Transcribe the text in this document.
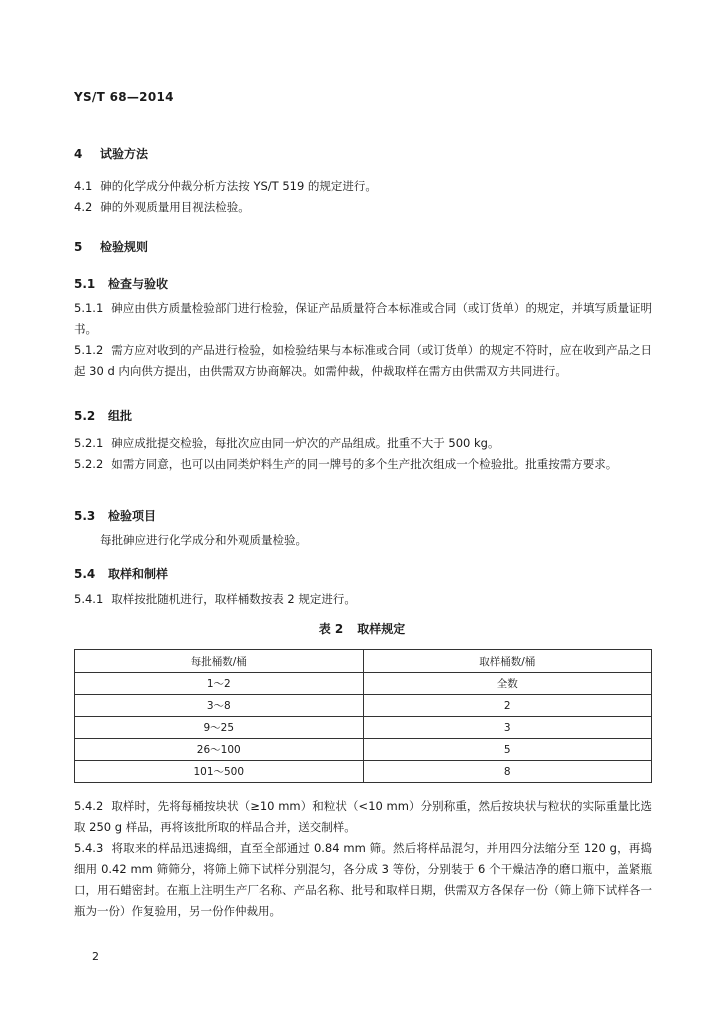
YS/T 68—2014
4 试验方法
4.1 砷的化学成分仲裁分析方法按 YS/T 519 的规定进行。
4.2 砷的外观质量用目视法检验。
5 检验规则
5.1 检查与验收
5.1.1 砷应由供方质量检验部门进行检验，保证产品质量符合本标准或合同（或订货单）的规定，并填写质量证明书。
5.1.2 需方应对收到的产品进行检验，如检验结果与本标准或合同（或订货单）的规定不符时，应在收到产品之日起 30 d 内向供方提出，由供需双方协商解决。如需仲裁，仲裁取样在需方由供需双方共同进行。
5.2 组批
5.2.1 砷应成批提交检验，每批次应由同一炉次的产品组成。批重不大于 500 kg。
5.2.2 如需方同意，也可以由同类炉料生产的同一牌号的多个生产批次组成一个检验批。批重按需方要求。
5.3 检验项目
每批砷应进行化学成分和外观质量检验。
5.4 取样和制样
5.4.1 取样按批随机进行，取样桶数按表 2 规定进行。
表 2 取样规定
每批桶数/桶	取样桶数/桶
1～2	全数
3～8	2
9～25	3
26～100	5
101～500	8
5.4.2 取样时，先将每桶按块状（≥10 mm）和粒状（<10 mm）分别称重，然后按块状与粒状的实际重量比选取 250 g 样品，再将该批所取的样品合并，送交制样。
5.4.3 将取来的样品迅速捣细，直至全部通过 0.84 mm 筛。然后将样品混匀，并用四分法缩分至 120 g，再捣细用 0.42 mm 筛筛分，将筛上筛下试样分别混匀，各分成 3 等份，分别装于 6 个干燥洁净的磨口瓶中，盖紧瓶口，用石蜡密封。在瓶上注明生产厂名称、产品名称、批号和取样日期，供需双方各保存一份（筛上筛下试样各一瓶为一份）作复验用，另一份作仲裁用。
2
